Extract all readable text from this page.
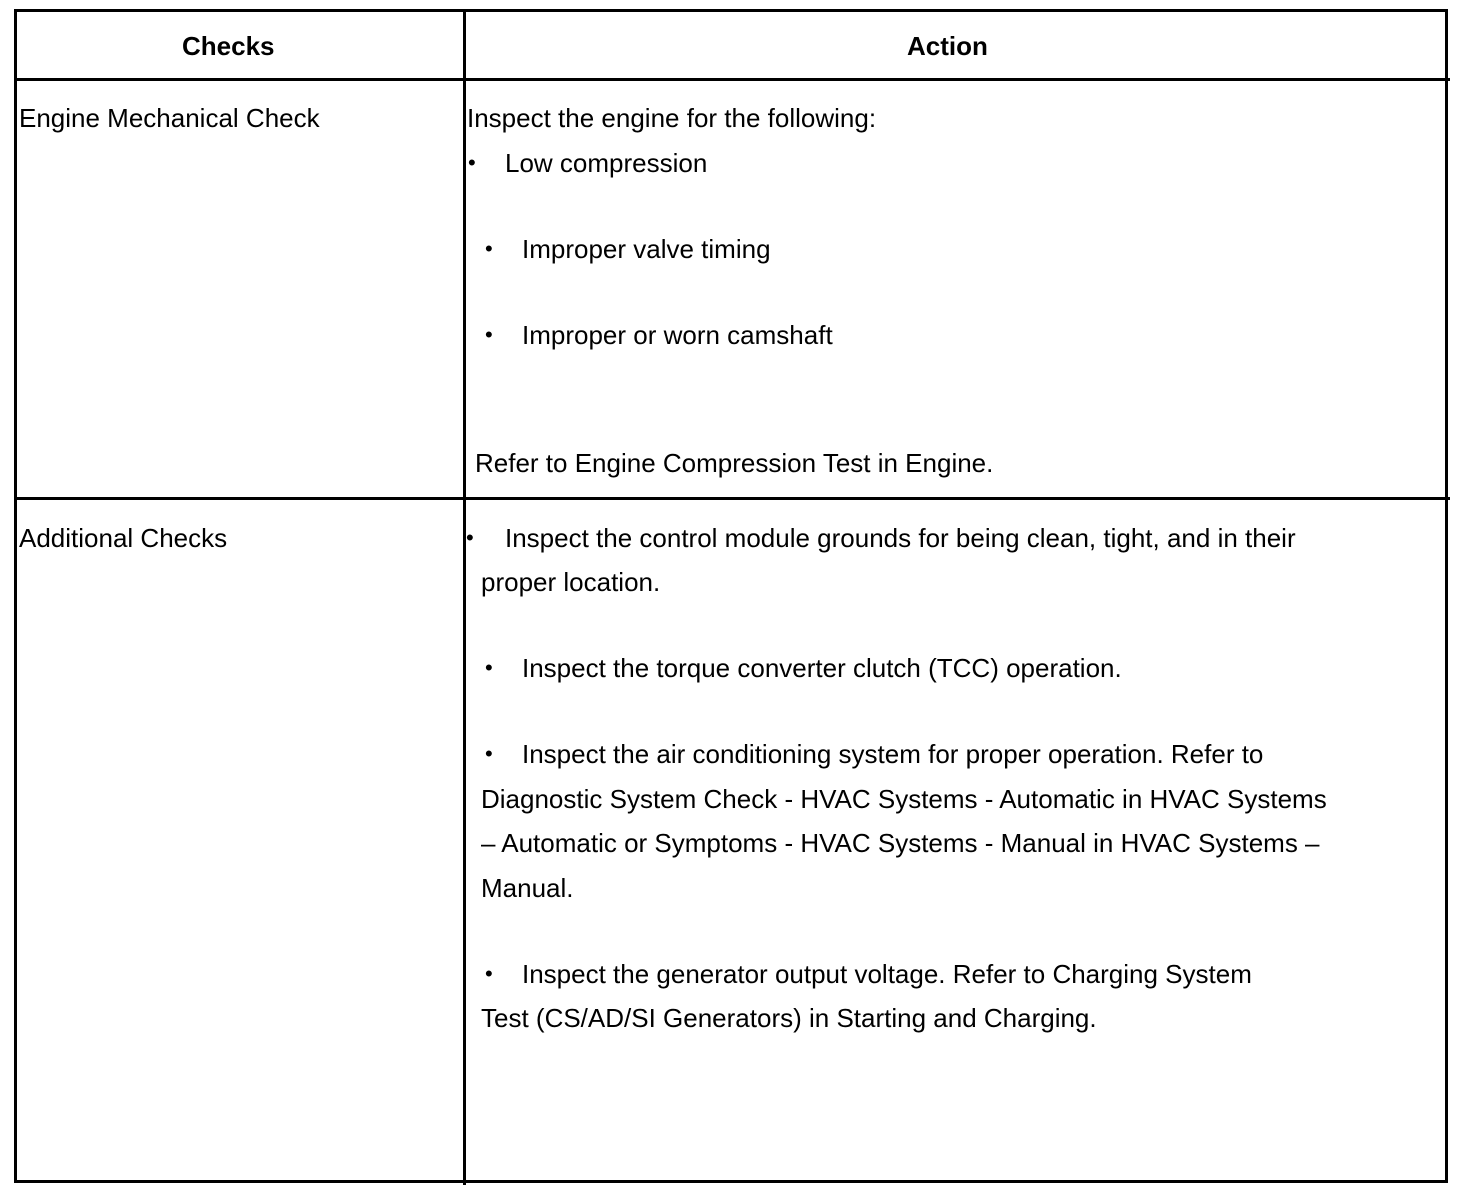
Checks	Action
Engine Mechanical Check	Inspect the engine for the following:
• Low compression
• Improper valve timing
• Improper or worn camshaft
Refer to Engine Compression Test in Engine.
Additional Checks	• Inspect the control module grounds for being clean, tight, and in their
proper location.
• Inspect the torque converter clutch (TCC) operation.
• Inspect the air conditioning system for proper operation. Refer to
Diagnostic System Check - HVAC Systems - Automatic in HVAC Systems
– Automatic or Symptoms - HVAC Systems - Manual in HVAC Systems –
Manual.
• Inspect the generator output voltage. Refer to Charging System
Test (CS/AD/SI Generators) in Starting and Charging.
